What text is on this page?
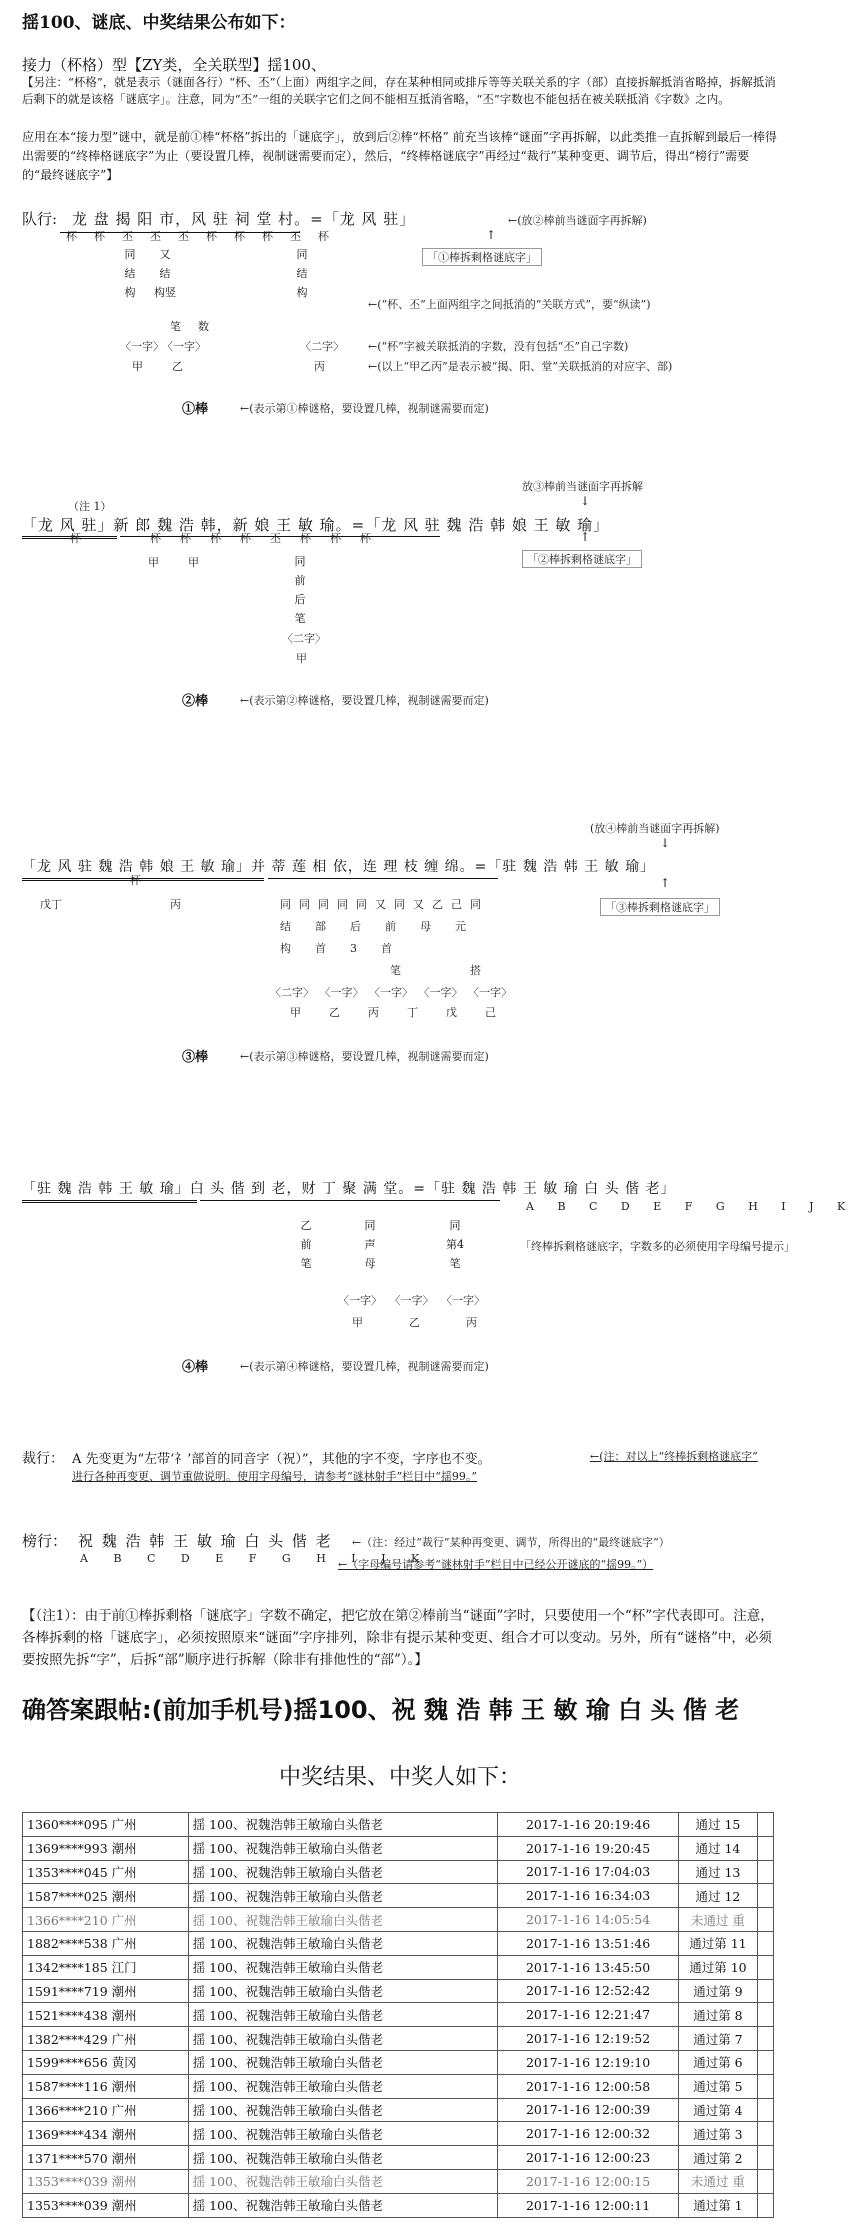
揺100、谜底、中奖结果公布如下：
接力（杯格）型【ZY类，全关联型】揺100、
【另注：“杯格”，就是表示（谜面各行）“杯、丕”（上面）两组字之间，存在某种相同或排斥等等关联关系的字（部）直接拆解抵消省略掉，拆解抵消后剩下的就是该格「谜底字」。注意，同为“丕”一组的关联字它们之间不能相互抵消省略，“丕”字数也不能包括在被关联抵消《字数》之内。
应用在本“接力型”谜中，就是前①棒“杯格”拆出的「谜底字」，放到后②棒“杯格” 前充当该棒“谜面”字再拆解，以此类推一直拆解到最后一棒得出需要的“终棒格谜底字”为止（要设置几棒，视制谜需要而定），然后，“终棒格谜底字”再经过“裁行”某种变更、调节后，得出“榜行”需要的“最终谜底字”】
队行: 龙 盘 揭 阳 市，风 驻 祠 堂 村。=「龙 风 驻」	←(放②棒前当谜面字再拆解)
杯杯丕丕丕杯杯杯丕杯	↑
「①棒拆剩格谜底字」
同
结
构
又
结
构竖
同
结
构
笔 数
←(“杯、丕”上面两组字之间抵消的“关联方式”，要“纵读”)
〈一字〉
〈一字〉	〈二字〉 ←(“杯”字被关联抵消的字数，没有包括“丕”自己字数)
甲	乙	丙	←(以上“甲乙丙”是表示被“揭、阳、堂”关联抵消的对应字、部)
①棒	←(表示第①棒谜格，要设置几棒，视制谜需要而定)
放③棒前当谜面字再拆解
↓
（注 1）
「龙 风 驻」新 郎 魏 浩 韩，新 娘 王 敏 瑜。=「龙 风 驻 魏 浩 韩 娘 王 敏 瑜」
杯	杯杯杯杯丕杯杯杯
甲	甲	同
前
后
笔
〈二字〉
甲
↑
「②棒拆剩格谜底字」
②棒	←(表示第②棒谜格，要设置几棒，视制谜需要而定)
(放④棒前当谜面字再拆解)
↓
「龙 风 驻 魏 浩 韩 娘 王 敏 瑜」并 蒂 莲 相 依，连 理 枝 缠 绵。=「驻 魏 浩 韩 王 敏 瑜」
杯
戊丁	丙	同同同同同又同又乙己同
结部后前母元
构首3首
笔	搭
〈二字〉 〈一字〉 〈一字〉 〈一字〉 〈一字〉
甲乙丙丁戊己
↑
「③棒拆剩格谜底字」
③棒	←(表示第③棒谜格，要设置几棒，视制谜需要而定)
「驻 魏 浩 韩 王 敏 瑜」白 头 偕 到 老，财 丁 聚 满 堂。=「驻 魏 浩 韩 王 敏 瑜 白 头 偕 老」
A B C D E F G H I J K
乙
前
笔
同
声
母
同
第4
笔
「终棒拆剩格谜底字，字数多的必须使用字母编号提示」
〈一字〉 〈一字〉 〈一字〉
甲乙丙
④棒	←(表示第④棒谜格，要设置几棒，视制谜需要而定)
裁行： A 先变更为“左带‘礻’部首的同音字（祝）”，其他的字不变，字序也不变。
进行各种再变更、调节重做说明。使用字母编号，请参考“谜林射手”栏目中“揺99。”
←(注：对以上“终棒拆剩格谜底字”
榜行： 祝 魏 浩 韩 王 敏 瑜 白 头 偕 老
A B C D E F G H I J K
←（注：经过“裁行”某种再变更、调节，所得出的“最终谜底字”）
←（字母编号请参考“谜林射手”栏目中已经公开谜底的“揺99。”）
【（注1）：由于前①棒拆剩格「谜底字」字数不确定，把它放在第②棒前当“谜面”字时，只要使用一个“杯”字代表即可。注意，各棒拆剩的格「谜底字」，必须按照原来“谜面”字序排列，除非有提示某种变更、组合才可以变动。另外，所有“谜格”中，必须要按照先拆“字”，后拆“部”顺序进行拆解（除非有排他性的“部”）。】
确答案跟帖:(前加手机号)揺100、祝 魏 浩 韩 王 敏 瑜 白 头 偕 老
中奖结果、中奖人如下：
1360****095 广州	揺 100、祝魏浩韩王敏瑜白头偕老	2017-1-16 20:19:46	通过 15	
1369****993 潮州	揺 100、祝魏浩韩王敏瑜白头偕老	2017-1-16 19:20:45	通过 14	
1353****045 广州	揺 100、祝魏浩韩王敏瑜白头偕老	2017-1-16 17:04:03	通过 13	
1587****025 潮州	揺 100、祝魏浩韩王敏瑜白头偕老	2017-1-16 16:34:03	通过 12	
1366****210 广州	揺 100、祝魏浩韩王敏瑜白头偕老	2017-1-16 14:05:54	未通过 重	
1882****538 广州	揺 100、祝魏浩韩王敏瑜白头偕老	2017-1-16 13:51:46	通过第 11	
1342****185 江门	揺 100、祝魏浩韩王敏瑜白头偕老	2017-1-16 13:45:50	通过第 10	
1591****719 潮州	揺 100、祝魏浩韩王敏瑜白头偕老	2017-1-16 12:52:42	通过第 9	
1521****438 潮州	揺 100、祝魏浩韩王敏瑜白头偕老	2017-1-16 12:21:47	通过第 8	
1382****429 广州	揺 100、祝魏浩韩王敏瑜白头偕老	2017-1-16 12:19:52	通过第 7	
1599****656 黄冈	揺 100、祝魏浩韩王敏瑜白头偕老	2017-1-16 12:19:10	通过第 6	
1587****116 潮州	揺 100、祝魏浩韩王敏瑜白头偕老	2017-1-16 12:00:58	通过第 5	
1366****210 广州	揺 100、祝魏浩韩王敏瑜白头偕老	2017-1-16 12:00:39	通过第 4	
1369****434 潮州	揺 100、祝魏浩韩王敏瑜白头偕老	2017-1-16 12:00:32	通过第 3	
1371****570 潮州	揺 100、祝魏浩韩王敏瑜白头偕老	2017-1-16 12:00:23	通过第 2	
1353****039 潮州	揺 100、祝魏浩韩王敏瑜白头偕老	2017-1-16 12:00:15	未通过 重	
1353****039 潮州	揺 100、祝魏浩韩王敏瑜白头偕老	2017-1-16 12:00:11	通过第 1	
